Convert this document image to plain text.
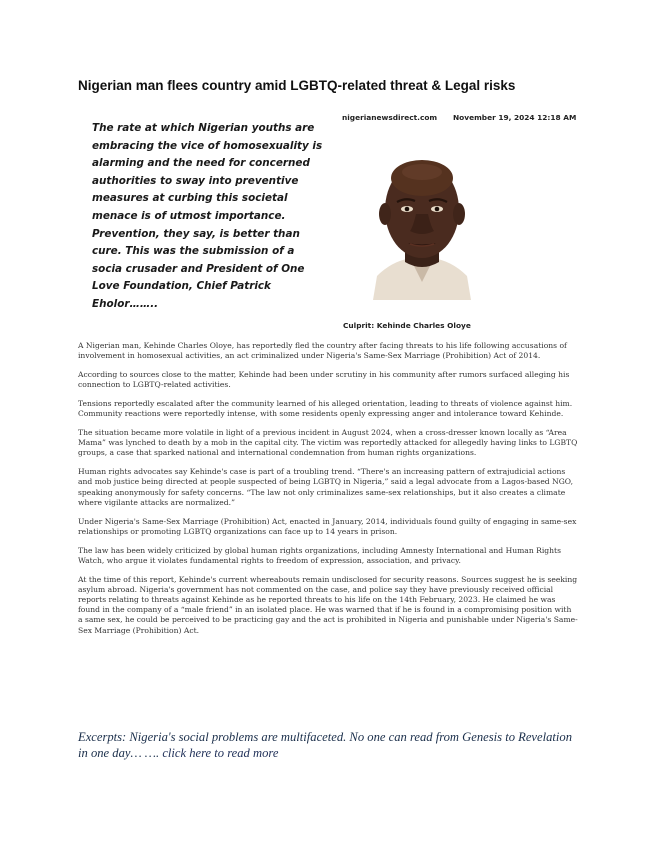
Nigerian man flees country amid LGBTQ-related threat & Legal risks
The rate at which Nigerian youths are embracing the vice of homosexuality is alarming and the need for concerned authorities to sway into preventive measures at curbing this societal menace is of utmost importance. Prevention, they say, is better than cure. This was the submission of a socia crusader and President of One Love Foundation, Chief Patrick Eholor……..
nigerianewsdirect.com November 19, 2024 12:18 AM
Culprit: Kehinde Charles Oloye

A Nigerian man, Kehinde Charles Oloye, has reportedly fled the country after facing threats to his life following accusations of involvement in homosexual activities, an act criminalized under Nigeria's Same-Sex Marriage (Prohibition) Act of 2014.

According to sources close to the matter, Kehinde had been under scrutiny in his community after rumors surfaced alleging his connection to LGBTQ-related activities.

Tensions reportedly escalated after the community learned of his alleged orientation, leading to threats of violence against him. Community reactions were reportedly intense, with some residents openly expressing anger and intolerance toward Kehinde.

The situation became more volatile in light of a previous incident in August 2024, when a cross-dresser known locally as “Area Mama” was lynched to death by a mob in the capital city. The victim was reportedly attacked for allegedly having links to LGBTQ groups, a case that sparked national and international condemnation from human rights organizations.

Human rights advocates say Kehinde's case is part of a troubling trend. “There's an increasing pattern of extrajudicial actions and mob justice being directed at people suspected of being LGBTQ in Nigeria,” said a legal advocate from a Lagos-based NGO, speaking anonymously for safety concerns. “The law not only criminalizes same-sex relationships, but it also creates a climate where vigilante attacks are normalized.”

Under Nigeria's Same-Sex Marriage (Prohibition) Act, enacted in January, 2014, individuals found guilty of engaging in same-sex relationships or promoting LGBTQ organizations can face up to 14 years in prison.

The law has been widely criticized by global human rights organizations, including Amnesty International and Human Rights Watch, who argue it violates fundamental rights to freedom of expression, association, and privacy.

At the time of this report, Kehinde's current whereabouts remain undisclosed for security reasons. Sources suggest he is seeking asylum abroad. Nigeria's government has not commented on the case, and police say they have previously received official reports relating to threats against Kehinde as he reported threats to his life on the 14th February, 2023. He claimed he was found in the company of a “male friend” in an isolated place. He was warned that if he is found in a compromising position with a same sex, he could be perceived to be practicing gay and the act is prohibited in Nigeria and punishable under Nigeria's Same-Sex Marriage (Prohibition) Act.

Excerpts: Nigeria's social problems are multifaceted. No one can read from Genesis to Revelation in one day… …. click here to read more
